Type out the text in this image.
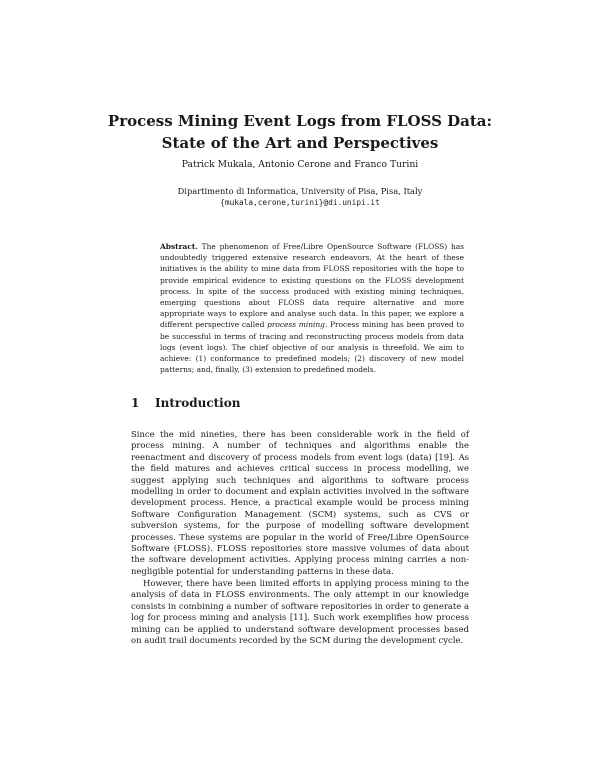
Process Mining Event Logs from FLOSS Data:
State of the Art and Perspectives
Patrick Mukala, Antonio Cerone and Franco Turini
Dipartimento di Informatica, University of Pisa, Pisa, Italy
{mukala,cerone,turini}@di.unipi.it
Abstract. The phenomenon of Free/Libre OpenSource Software (FLOSS) has undoubtedly triggered extensive research endeavors. At the heart of these initiatives is the ability to mine data from FLOSS repositories with the hope to provide empirical evidence to existing questions on the FLOSS development process. In spite of the success produced with existing mining techniques, emerging questions about FLOSS data require alternative and more appropriate ways to explore and analyse such data. In this paper, we explore a different perspective called process mining. Process mining has been proved to be successful in terms of tracing and reconstructing process models from data logs (event logs). The chief objective of our analysis is threefold. We aim to achieve: (1) conformance to predefined models; (2) discovery of new model patterns; and, finally, (3) extension to predefined models.
1 Introduction
Since the mid nineties, there has been considerable work in the field of process mining. A number of techniques and algorithms enable the reenactment and discovery of process models from event logs (data) [19]. As the field matures and achieves critical success in process modelling, we suggest applying such techniques and algorithms to software process modelling in order to document and explain activities involved in the software development process. Hence, a practical example would be process mining Software Configuration Management (SCM) systems, such as CVS or subversion systems, for the purpose of modelling software development processes. These systems are popular in the world of Free/Libre OpenSource Software (FLOSS). FLOSS repositories store massive volumes of data about the software development activities. Applying process mining carries a non-negligible potential for understanding patterns in these data.
However, there have been limited efforts in applying process mining to the analysis of data in FLOSS environments. The only attempt in our knowledge consists in combining a number of software repositories in order to generate a log for process mining and analysis [11]. Such work exemplifies how process mining can be applied to understand software development processes based on audit trail documents recorded by the SCM during the development cycle.
